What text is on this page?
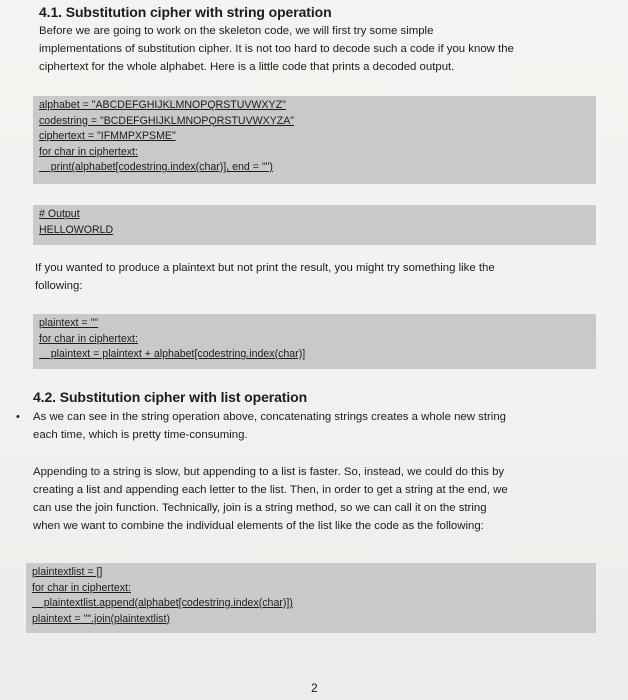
4.1. Substitution cipher with string operation
Before we are going to work on the skeleton code, we will first try some simple
implementations of substitution cipher. It is not too hard to decode such a code if you know the
ciphertext for the whole alphabet. Here is a little code that prints a decoded output.
alphabet = "ABCDEFGHIJKLMNOPQRSTUVWXYZ"
codestring = "BCDEFGHIJKLMNOPQRSTUVWXYZA"
ciphertext = "IFMMPXPSME"
for char in ciphertext:
print(alphabet[codestring.index(char)], end = "")
# Output
HELLOWORLD
If you wanted to produce a plaintext but not print the result, you might try something like the
following:
plaintext = ""
for char in ciphertext:
plaintext = plaintext + alphabet[codestring.index(char)]
4.2. Substitution cipher with list operation
• As we can see in the string operation above, concatenating strings creates a whole new string
each time, which is pretty time-consuming.
Appending to a string is slow, but appending to a list is faster. So, instead, we could do this by
creating a list and appending each letter to the list. Then, in order to get a string at the end, we
can use the join function. Technically, join is a string method, so we can call it on the string
when we want to combine the individual elements of the list like the code as the following:
plaintextlist = []
for char in ciphertext:
plaintextlist.append(alphabet[codestring.index(char)])
plaintext = "".join(plaintextlist)
2
